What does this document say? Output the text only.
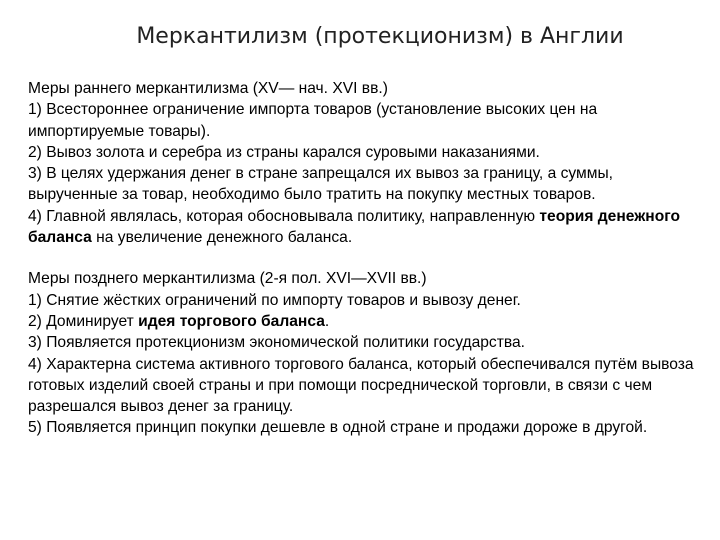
Меркантилизм (протекционизм) в Англии
Меры раннего меркантилизма (XV— нач. XVI вв.)
1) Всестороннее ограничение импорта товаров (установление высоких цен на импортируемые товары).
2) Вывоз золота и серебра из страны карался суровыми наказаниями.
3) В целях удержания денег в стране запрещался их вывоз за границу, а суммы, вырученные за товар, необходимо было тратить на покупку местных товаров.
4) Главной являлась, которая обосновывала политику, направленную теория денежного баланса на увеличение денежного баланса.
Меры позднего меркантилизма (2-я пол. XVI—XVII вв.)
1) Снятие жёстких ограничений по импорту товаров и вывозу денег.
2) Доминирует идея торгового баланса.
3) Появляется протекционизм экономической политики государства.
4) Характерна система активного торгового баланса, который обеспечивался путём вывоза готовых изделий своей страны и при помощи посреднической торговли, в связи с чем разрешался вывоз денег за границу.
5) Появляется принцип покупки дешевле в одной стране и продажи дороже в другой.
